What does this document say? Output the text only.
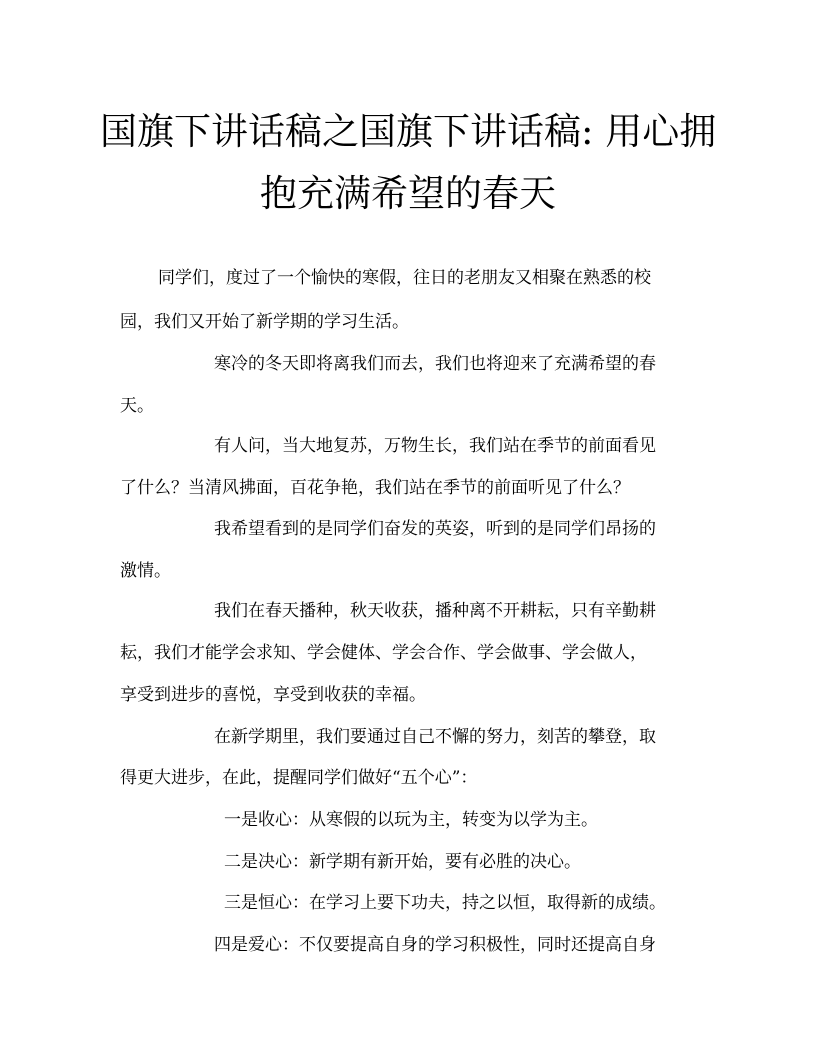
国旗下讲话稿之国旗下讲话稿: 用心拥
抱充满希望的春天

同学们，度过了一个愉快的寒假，往日的老朋友又相聚在熟悉的校

园，我们又开始了新学期的学习生活。

寒冷的冬天即将离我们而去，我们也将迎来了充满希望的春

天。

有人问，当大地复苏，万物生长，我们站在季节的前面看见

了什么？当清风拂面，百花争艳，我们站在季节的前面听见了什么？

我希望看到的是同学们奋发的英姿，听到的是同学们昂扬的

激情。

我们在春天播种，秋天收获，播种离不开耕耘，只有辛勤耕

耘，我们才能学会求知、学会健体、学会合作、学会做事、学会做人，

享受到进步的喜悦，享受到收获的幸福。

在新学期里，我们要通过自己不懈的努力，刻苦的攀登，取

得更大进步，在此，提醒同学们做好“五个心”：

一是收心：从寒假的以玩为主，转变为以学为主。

二是决心：新学期有新开始，要有必胜的决心。

三是恒心：在学习上要下功夫，持之以恒，取得新的成绩。

四是爱心：不仅要提高自身的学习积极性，同时还提高自身
